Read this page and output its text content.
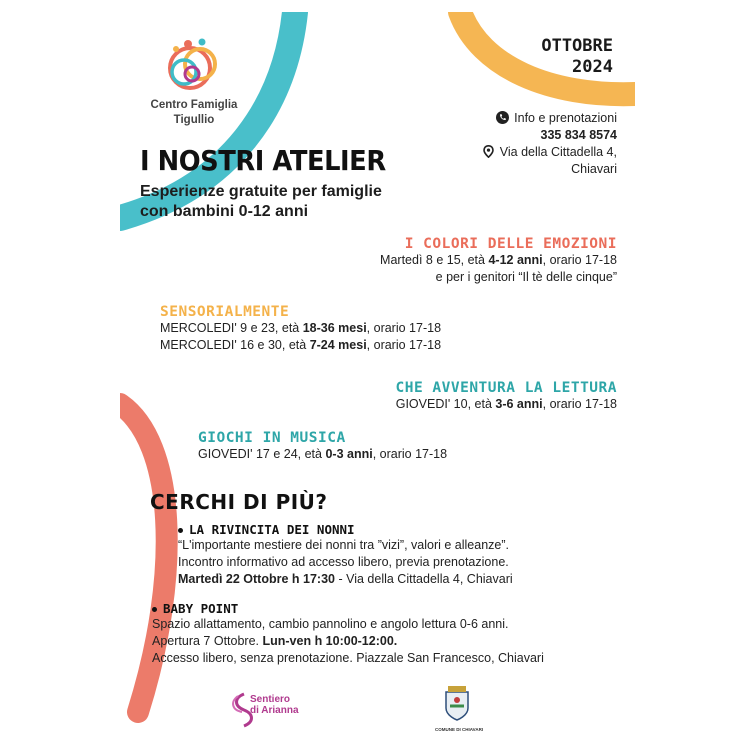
Centro Famiglia
Tigullio
OTTOBRE
2024
Info e prenotazioni
335 834 8574
Via della Cittadella 4,
Chiavari
I NOSTRI ATELIER
Esperienze gratuite per famiglie
con bambini 0-12 anni
I COLORI DELLE EMOZIONI
Martedì 8 e 15, età 4-12 anni, orario 17-18
e per i genitori “Il tè delle cinque”
SENSORIALMENTE
MERCOLEDI' 9 e 23, età 18-36 mesi, orario 17-18
MERCOLEDI' 16 e 30, età 7-24 mesi, orario 17-18
CHE AVVENTURA LA LETTURA
GIOVEDI' 10, età 3-6 anni, orario 17-18
GIOCHI IN MUSICA
GIOVEDI' 17 e 24, età 0-3 anni, orario 17-18
CERCHI DI PIÙ?
LA RIVINCITA DEI NONNI
“L'importante mestiere dei nonni tra ”vizi”, valori e alleanze”.
Incontro informativo ad accesso libero, previa prenotazione.
Martedì 22 Ottobre h 17:30 - Via della Cittadella 4, Chiavari
BABY POINT
Spazio allattamento, cambio pannolino e angolo lettura 0-6 anni.
Apertura 7 Ottobre. Lun-ven h 10:00-12:00.
Accesso libero, senza prenotazione. Piazzale San Francesco, Chiavari
Sentiero
di Arianna
COMUNE DI CHIAVARI
